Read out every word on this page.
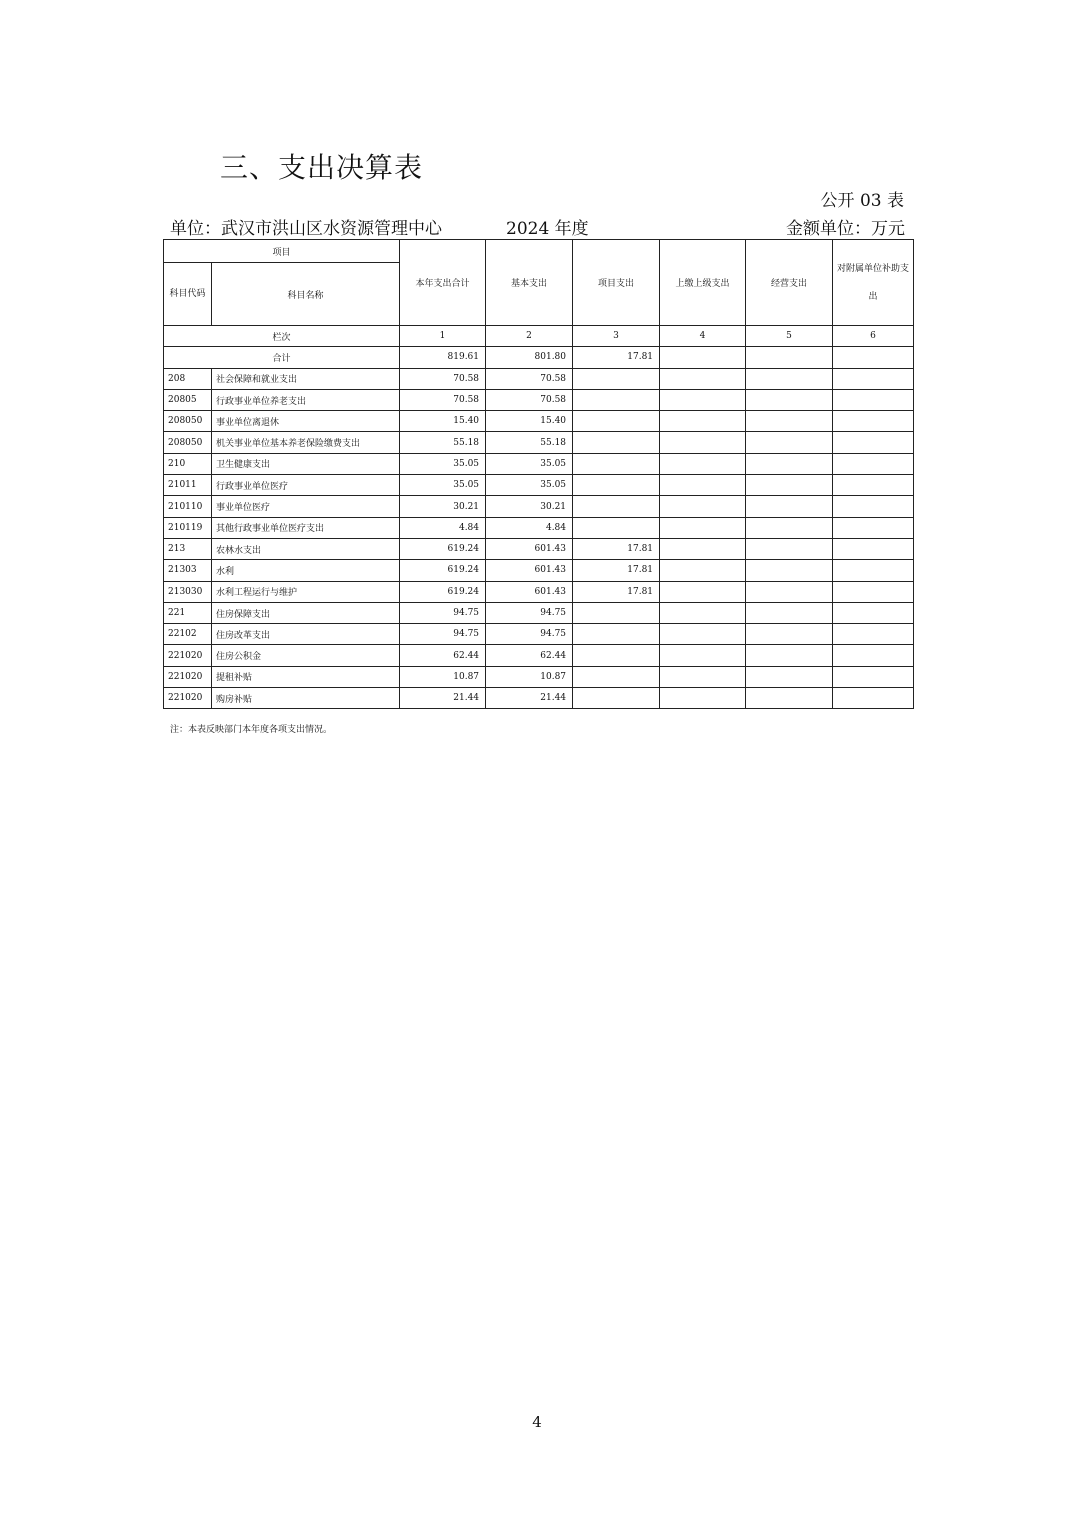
三、支出决算表
公开 03 表
单位：武汉市洪山区水资源管理中心	2024 年度	金额单位：万元
项目		本年支出合计	基本支出	项目支出	上缴上级支出	经营支出	对附属单位补助支出
科目代码	科目名称						
栏次		1	2	3	4	5	6
合计		819.61	801.80	17.81			
208	社会保障和就业支出	70.58	70.58				
20805	行政事业单位养老支出	70.58	70.58				
208050	事业单位离退休	15.40	15.40				
208050	机关事业单位基本养老保险缴费支出	55.18	55.18				
210	卫生健康支出	35.05	35.05				
21011	行政事业单位医疗	35.05	35.05				
210110	事业单位医疗	30.21	30.21				
210119	其他行政事业单位医疗支出	4.84	4.84				
213	农林水支出	619.24	601.43	17.81			
21303	水利	619.24	601.43	17.81			
213030	水利工程运行与维护	619.24	601.43	17.81			
221	住房保障支出	94.75	94.75				
22102	住房改革支出	94.75	94.75				
221020	住房公积金	62.44	62.44				
221020	提租补贴	10.87	10.87				
221020	购房补贴	21.44	21.44				
注：本表反映部门本年度各项支出情况。
4
